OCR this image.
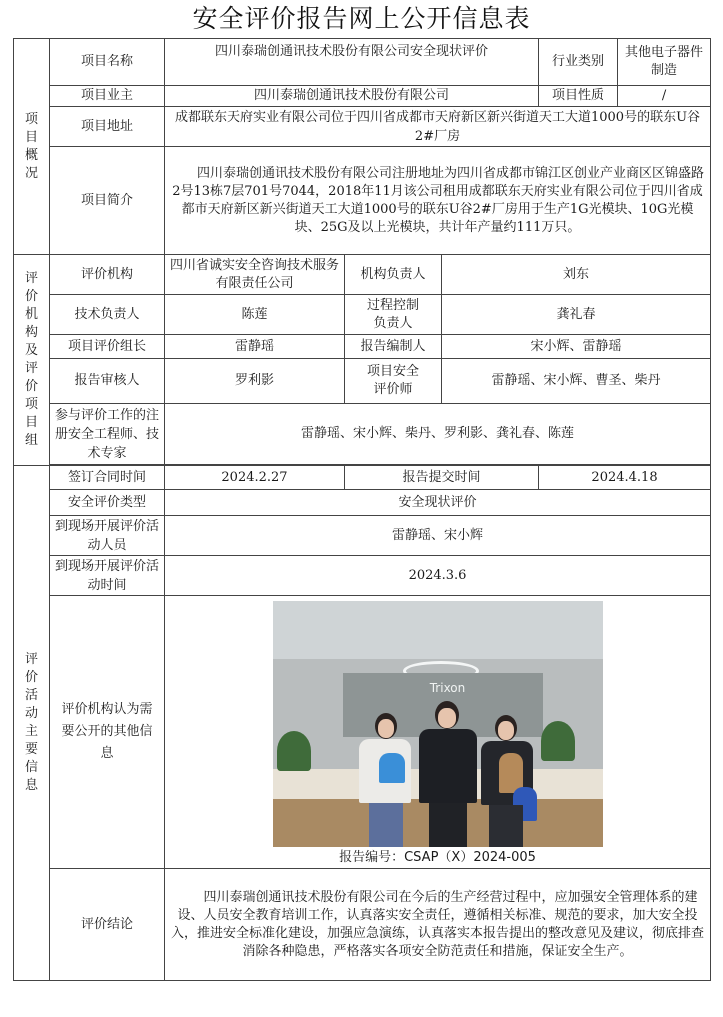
安全评价报告网上公开信息表
项目概况	项目名称	四川泰瑞创通讯技术股份有限公司安全现状评价			行业类别	其他电子器件制造
	项目业主	四川泰瑞创通讯技术股份有限公司			项目性质	/
	项目地址	成都联东天府实业有限公司位于四川省成都市天府新区新兴街道天工大道1000号的联东U谷2#厂房				
	项目简介	四川泰瑞创通讯技术股份有限公司注册地址为四川省成都市锦江区创业产业商区区锦盛路2号13栋7层701号7044，2018年11月该公司租用成都联东天府实业有限公司位于四川省成都市天府新区新兴街道天工大道1000号的联东U谷2#厂房用于生产1G光模块、10G光模块、25G及以上光模块，共计年产量约111万只。				

评价机构及评价项目组	评价机构	四川省诚实安全咨询技术服务有限责任公司	机构负责人	刘东		
	技术负责人	陈莲	过程控制负责人	龚礼春		
	项目评价组长	雷静瑶	报告编制人	宋小辉、雷静瑶		
	报告审核人	罗利影	项目安全评价师	雷静瑶、宋小辉、曹圣、柴丹		
	参与评价工作的注册安全工程师、技术专家	雷静瑶、宋小辉、柴丹、罗利影、龚礼春、陈莲				

评价活动主要信息	签订合同时间	2024.2.27	报告提交时间		2024.4.18	
	安全评价类型	安全现状评价				
	到现场开展评价活动人员	雷静瑶、宋小辉				
	到现场开展评价活动时间	2024.3.6				
	评价机构认为需要公开的其他信息	Trixon
报告编号：CSAP（X）2024-005				

	评价结论	四川泰瑞创通讯技术股份有限公司在今后的生产经营过程中，应加强安全管理体系的建设、人员安全教育培训工作，认真落实安全责任，遵循相关标准、规范的要求，加大安全投入，推进安全标准化建设，加强应急演练，认真落实本报告提出的整改意见及建议，彻底排查消除各种隐患，严格落实各项安全防范责任和措施，保证安全生产。				
